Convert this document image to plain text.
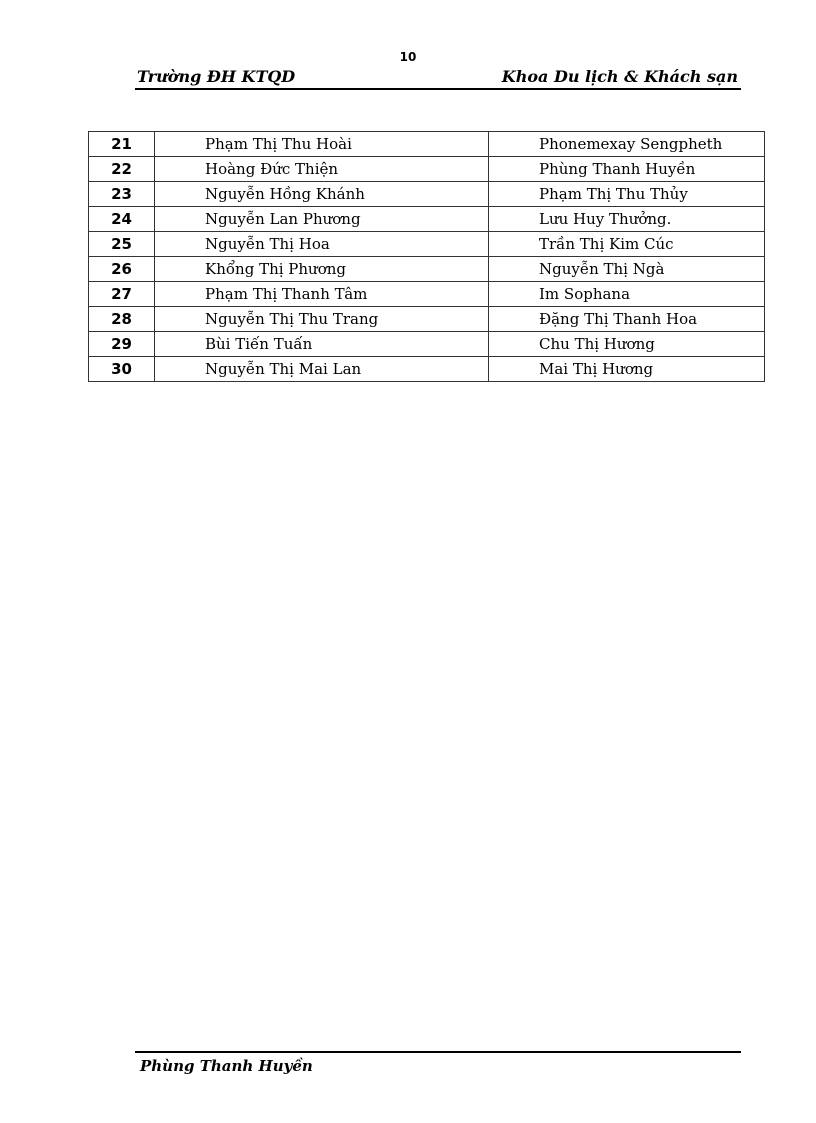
10
Trường ĐH KTQD	Khoa Du lịch & Khách sạn
21	Phạm Thị Thu Hoài	Phonemexay Sengpheth
22	Hoàng Đức Thiện	Phùng Thanh Huyền
23	Nguyễn Hồng Khánh	Phạm Thị Thu Thủy
24	Nguyễn Lan Phương	Lưu Huy Thưởng.
25	Nguyễn Thị Hoa	Trần Thị Kim Cúc
26	Khổng Thị Phương	Nguyễn Thị Ngà
27	Phạm Thị Thanh Tâm	Im Sophana
28	Nguyễn Thị Thu Trang	Đặng Thị Thanh Hoa
29	Bùi Tiến Tuấn	Chu Thị Hương
30	Nguyễn Thị Mai Lan	Mai Thị Hương
Phùng Thanh Huyền
